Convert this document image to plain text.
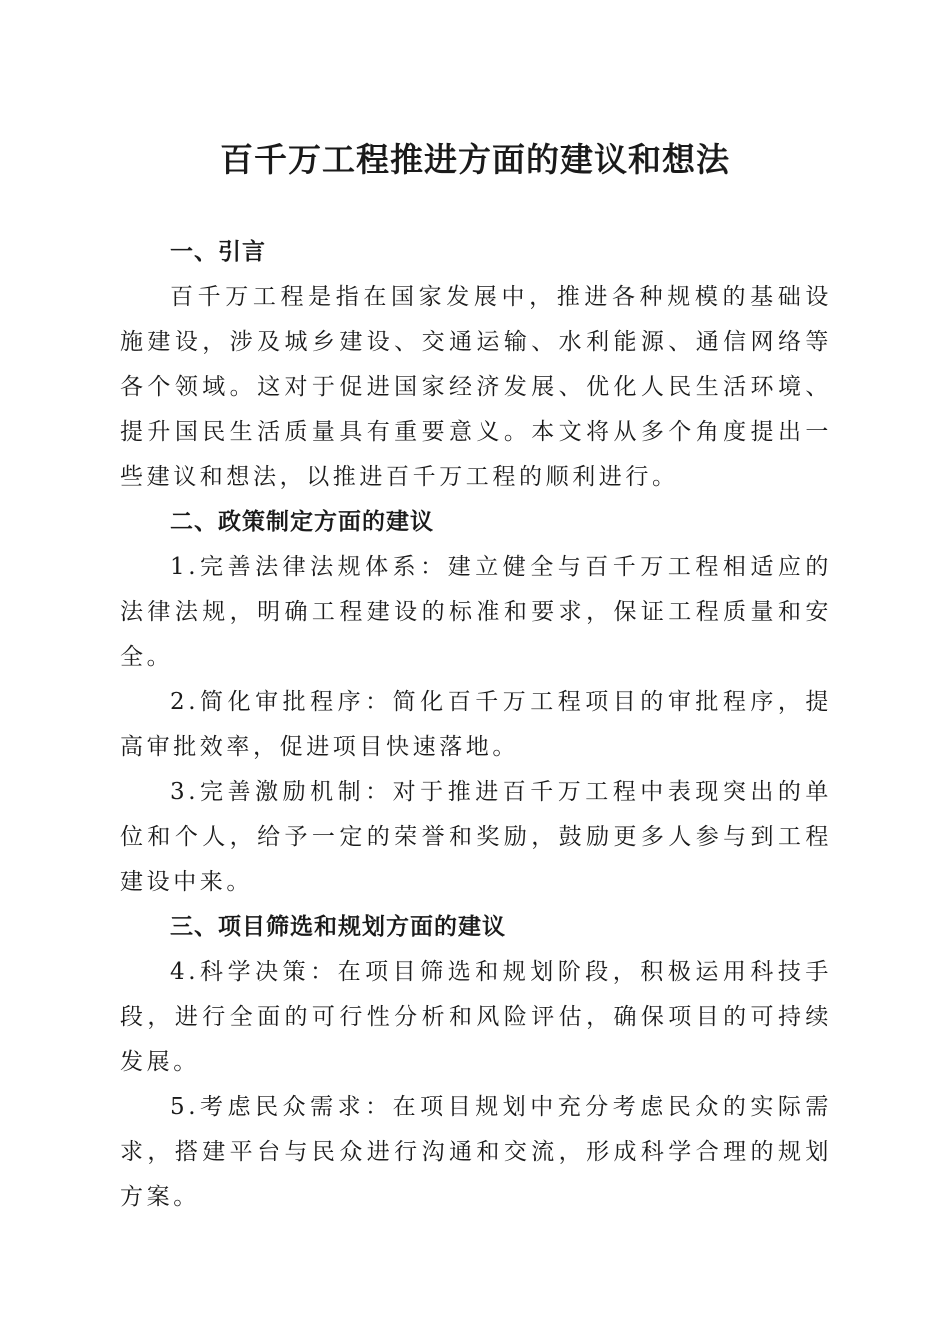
百千万工程推进方面的建议和想法

一、引言

百千万工程是指在国家发展中，推进各种规模的基础设施建设，涉及城乡建设、交通运输、水利能源、通信网络等各个领域。这对于促进国家经济发展、优化人民生活环境、提升国民生活质量具有重要意义。本文将从多个角度提出一些建议和想法，以推进百千万工程的顺利进行。

二、政策制定方面的建议

1.完善法律法规体系：建立健全与百千万工程相适应的法律法规，明确工程建设的标准和要求，保证工程质量和安全。

2.简化审批程序：简化百千万工程项目的审批程序，提高审批效率，促进项目快速落地。

3.完善激励机制：对于推进百千万工程中表现突出的单位和个人，给予一定的荣誉和奖励，鼓励更多人参与到工程建设中来。

三、项目筛选和规划方面的建议

4.科学决策：在项目筛选和规划阶段，积极运用科技手段，进行全面的可行性分析和风险评估，确保项目的可持续发展。

5.考虑民众需求：在项目规划中充分考虑民众的实际需求，搭建平台与民众进行沟通和交流，形成科学合理的规划方案。
